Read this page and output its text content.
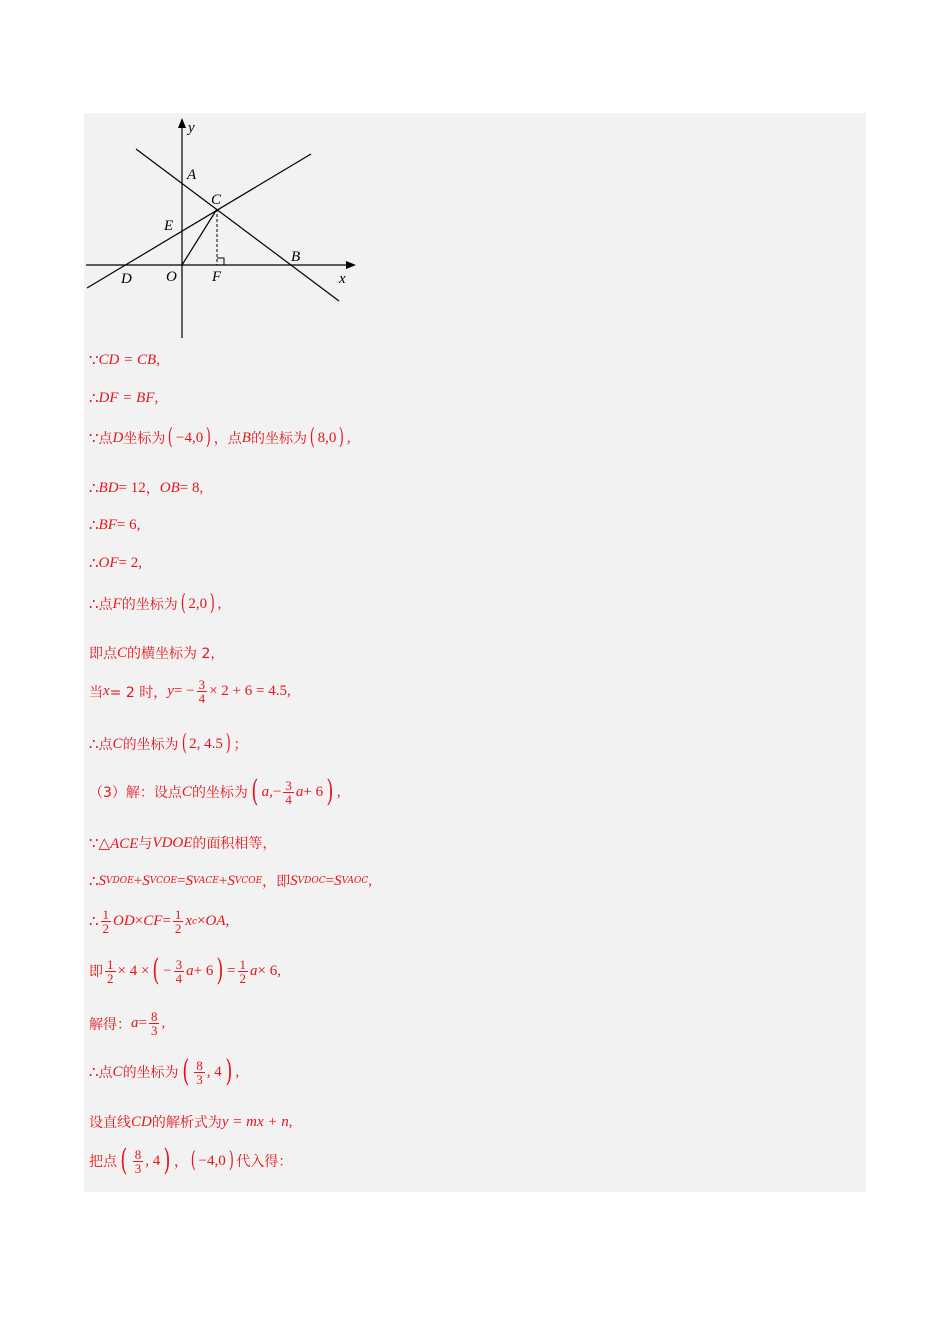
y
A
C
E
B
D O F	x
∵ CD = CB ,
∴ DF = BF ,
∵ 点 D 坐标为 ( −4,0 ) ，点 B 的坐标为 ( 8,0 ) ,
∴ BD = 12 ， OB = 8 ,
∴ BF = 6 ,
∴ OF = 2 ,
∴ 点 F 的坐标为 ( 2,0 ) ,
即点 C 的横坐标为 2，
当 x = 2 时， y = − $\frac{3}{4} \times 2 + 6 = 4.5$ ,
∴ 点 C 的坐标为 ( 2, 4.5 ) ；
（3）解：设点 C 的坐标为 ( a ,− $\frac{3}{4}$ a + 6 ) ,
∵ △ACE 与 VDOE 的面积相等，
∴ S VDOE + S VCOE = S VACE + S VCOE ，即 S VDOC = S VAOC ,
∴ $\frac{1}{2}$ OD × CF = $\frac{1}{2}$ x c × OA ,
即 $\frac{1}{2} \times 4$ × ( − $\frac{3}{4}$ a + 6 ) = $\frac{1}{2}$ a × 6 ,
解得： $a = \frac{8}{3}$ ,
∴ 点 C 的坐标为 ( $\frac{8}{3}$ , 4 ) ,
设直线 CD 的解析式为 y = mx + n ,
把点 ( $\frac{8}{3}$ , 4 ) ， ( −4,0 ) 代入得：
